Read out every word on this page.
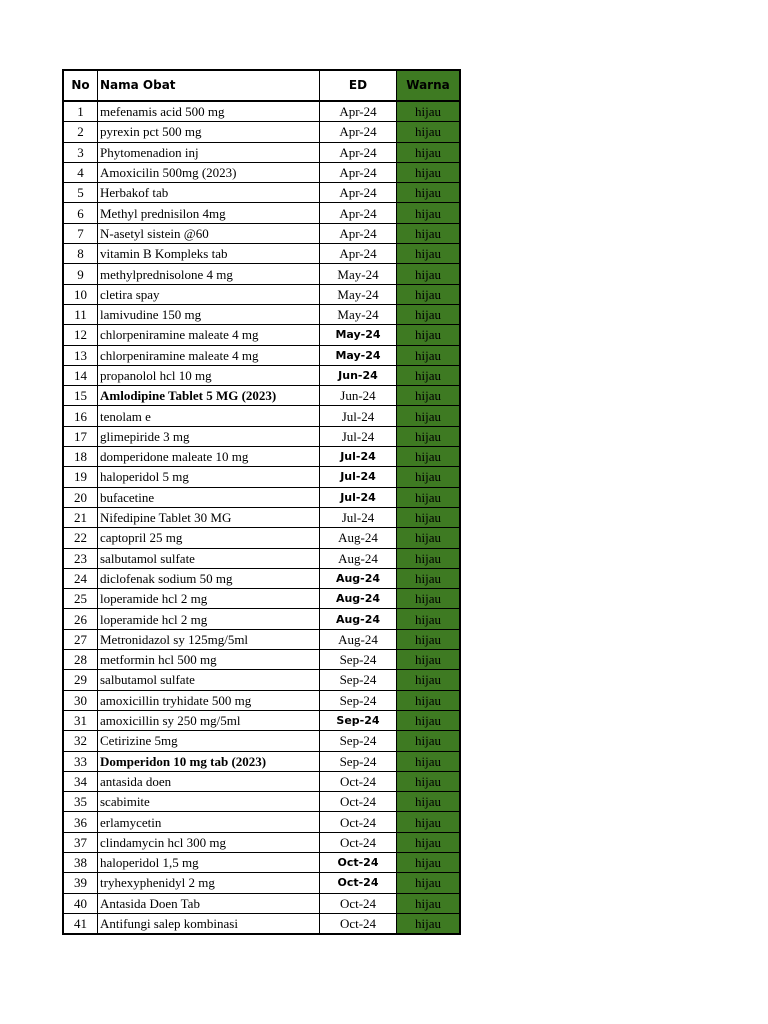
No	Nama Obat	ED	Warna
1	mefenamis acid 500 mg	Apr-24	hijau
2	pyrexin pct 500 mg	Apr-24	hijau
3	Phytomenadion inj	Apr-24	hijau
4	Amoxicilin 500mg (2023)	Apr-24	hijau
5	Herbakof tab	Apr-24	hijau
6	Methyl prednisilon 4mg	Apr-24	hijau
7	N-asetyl sistein @60	Apr-24	hijau
8	vitamin B Kompleks tab	Apr-24	hijau
9	methylprednisolone 4 mg	May-24	hijau
10	cletira spay	May-24	hijau
11	lamivudine 150 mg	May-24	hijau
12	chlorpeniramine maleate 4 mg	May-24	hijau
13	chlorpeniramine maleate 4 mg	May-24	hijau
14	propanolol hcl 10 mg	Jun-24	hijau
15	Amlodipine Tablet 5 MG (2023)	Jun-24	hijau
16	tenolam e	Jul-24	hijau
17	glimepiride 3 mg	Jul-24	hijau
18	domperidone maleate 10 mg	Jul-24	hijau
19	haloperidol 5 mg	Jul-24	hijau
20	bufacetine	Jul-24	hijau
21	Nifedipine Tablet 30 MG	Jul-24	hijau
22	captopril 25 mg	Aug-24	hijau
23	salbutamol sulfate	Aug-24	hijau
24	diclofenak sodium 50 mg	Aug-24	hijau
25	loperamide hcl 2 mg	Aug-24	hijau
26	loperamide hcl 2 mg	Aug-24	hijau
27	Metronidazol sy 125mg/5ml	Aug-24	hijau
28	metformin hcl 500 mg	Sep-24	hijau
29	salbutamol sulfate	Sep-24	hijau
30	amoxicillin tryhidate 500 mg	Sep-24	hijau
31	amoxicillin sy 250 mg/5ml	Sep-24	hijau
32	Cetirizine 5mg	Sep-24	hijau
33	Domperidon 10 mg tab (2023)	Sep-24	hijau
34	antasida doen	Oct-24	hijau
35	scabimite	Oct-24	hijau
36	erlamycetin	Oct-24	hijau
37	clindamycin hcl 300 mg	Oct-24	hijau
38	haloperidol 1,5 mg	Oct-24	hijau
39	tryhexyphenidyl 2 mg	Oct-24	hijau
40	Antasida Doen Tab	Oct-24	hijau
41	Antifungi salep kombinasi	Oct-24	hijau
